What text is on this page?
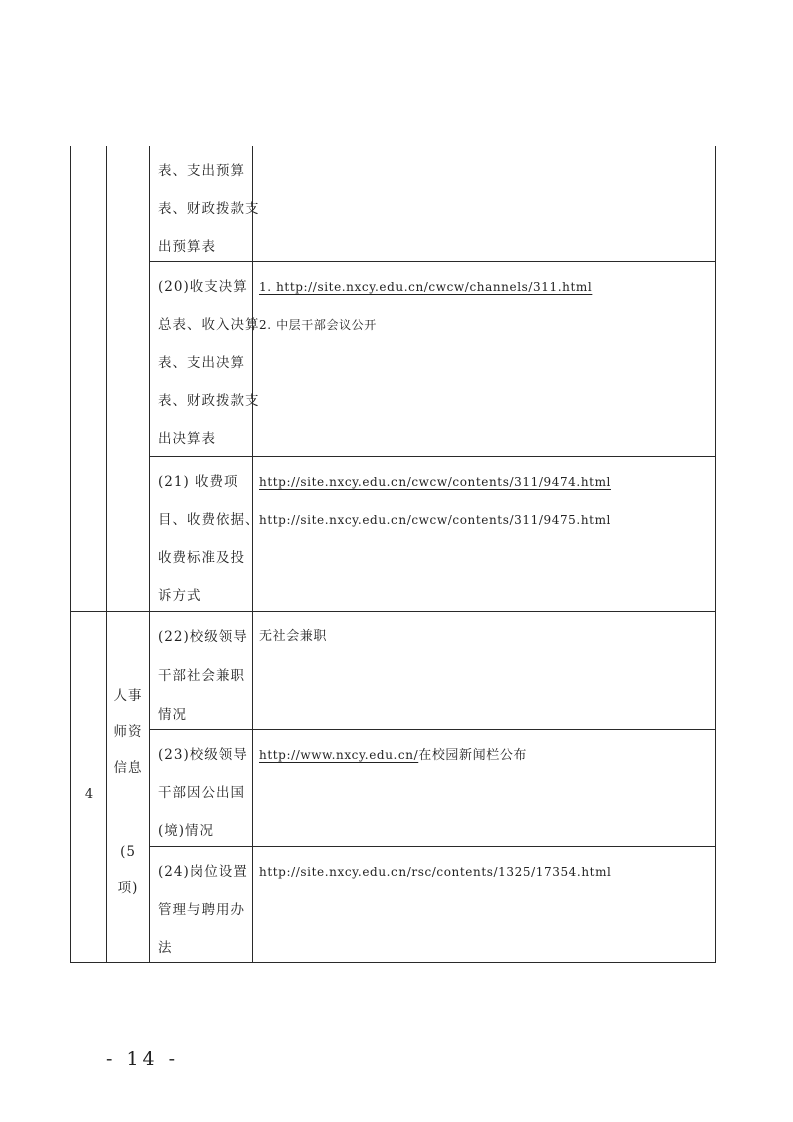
表、支出预算
表、财政拨款支
出预算表
(20)收支决算
总表、收入决算
表、支出决算
表、财政拨款支
出决算表
1. http://site.nxcy.edu.cn/cwcw/channels/311.html
2. 中层干部会议公开
(21) 收费项
目、收费依据、
收费标准及投
诉方式
http://site.nxcy.edu.cn/cwcw/contents/311/9474.html
http://site.nxcy.edu.cn/cwcw/contents/311/9475.html
4
人事
师资
信息
(5
项)
(22)校级领导
干部社会兼职
情况
无社会兼职
(23)校级领导
干部因公出国
(境)情况
http://www.nxcy.edu.cn/在校园新闻栏公布
(24)岗位设置
管理与聘用办
法
http://site.nxcy.edu.cn/rsc/contents/1325/17354.html
- 14 -
